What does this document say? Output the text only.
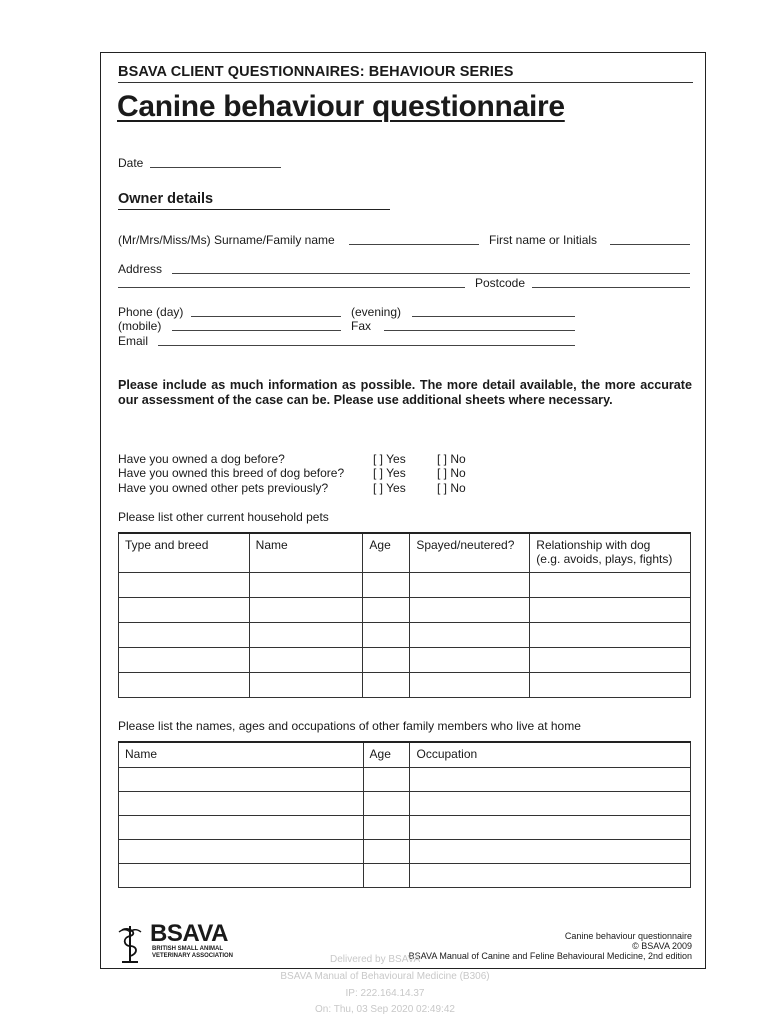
BSAVA CLIENT QUESTIONNAIRES: BEHAVIOUR SERIES
Canine behaviour questionnaire
Date
Owner details
(Mr/Mrs/Miss/Ms) Surname/Family name	First name or Initials
Address
Postcode
Phone (day)	(evening)
(mobile)	Fax
Email
Please include as much information as possible. The more detail available, the more accurate our assessment of the case can be. Please use additional sheets where necessary.
Have you owned a dog before?	[ ] Yes	[ ] No
Have you owned this breed of dog before? [ ] Yes	[ ] No
Have you owned other pets previously?	[ ] Yes	[ ] No
Please list other current household pets
Type and breed	Name	Age	Spayed/neutered?	Relationship with dog
(e.g. avoids, plays, fights)

Please list the names, ages and occupations of other family members who live at home
Name	Age	Occupation

BSAVA
BRITISH SMALL ANIMAL
VETERINARY ASSOCIATION
Canine behaviour questionnaire
© BSAVA 2009
BSAVA Manual of Canine and Feline Behavioural Medicine, 2nd edition
Delivered by BSAVA
BSAVA Manual of Behavioural Medicine (B306)
IP: 222.164.14.37
On: Thu, 03 Sep 2020 02:49:42
